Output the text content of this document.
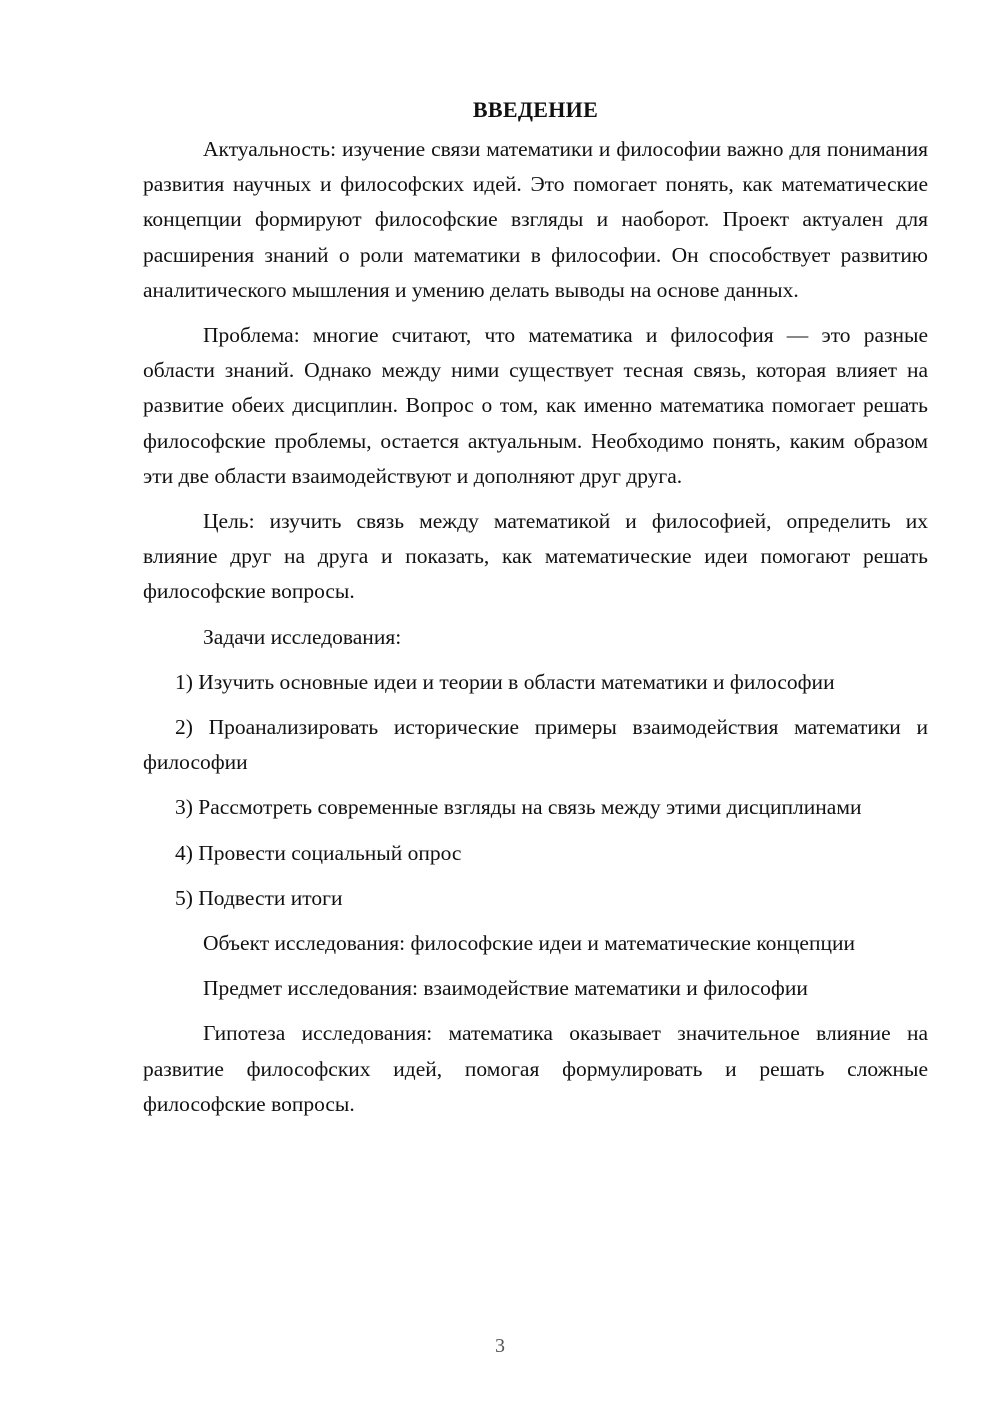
ВВЕДЕНИЕ

Актуальность: изучение связи математики и философии важно для понимания развития научных и философских идей. Это помогает понять, как математические концепции формируют философские взгляды и наоборот. Проект актуален для расширения знаний о роли математики в философии. Он способствует развитию аналитического мышления и умению делать выводы на основе данных.

Проблема: многие считают, что математика и философия — это разные области знаний. Однако между ними существует тесная связь, которая влияет на развитие обеих дисциплин. Вопрос о том, как именно математика помогает решать философские проблемы, остается актуальным. Необходимо понять, каким образом эти две области взаимодействуют и дополняют друг друга.

Цель: изучить связь между математикой и философией, определить их влияние друг на друга и показать, как математические идеи помогают решать философские вопросы.

Задачи исследования:

1) Изучить основные идеи и теории в области математики и философии

2) Проанализировать исторические примеры взаимодействия математики и философии

3) Рассмотреть современные взгляды на связь между этими дисциплинами

4) Провести социальный опрос

5) Подвести итоги

Объект исследования: философские идеи и математические концепции

Предмет исследования: взаимодействие математики и философии

Гипотеза исследования: математика оказывает значительное влияние на развитие философских идей, помогая формулировать и решать сложные философские вопросы.

3
